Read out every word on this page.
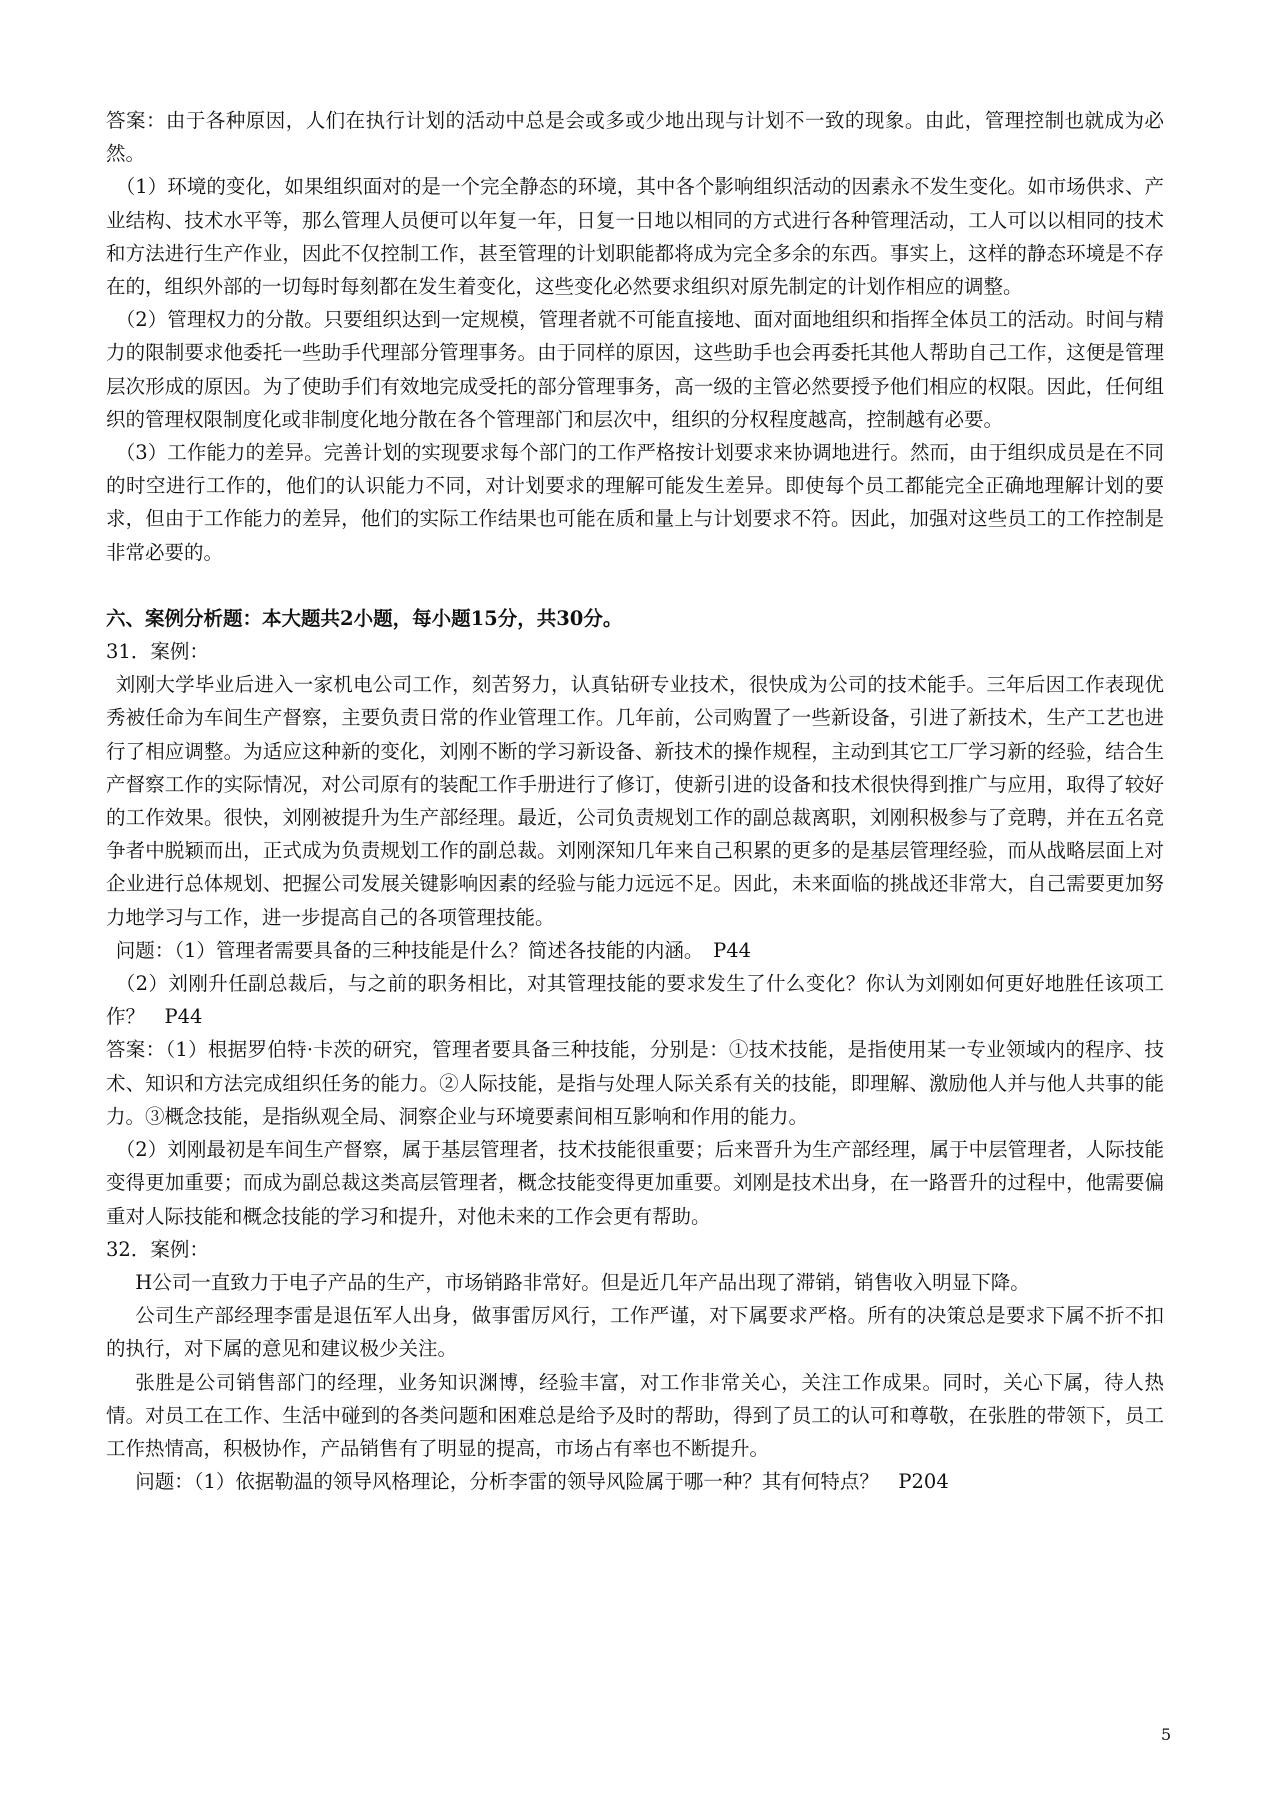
答案：由于各种原因，人们在执行计划的活动中总是会或多或少地出现与计划不一致的现象。由此，管理控制也就成为必然。

（1）环境的变化，如果组织面对的是一个完全静态的环境，其中各个影响组织活动的因素永不发生变化。如市场供求、产业结构、技术水平等，那么管理人员便可以年复一年，日复一日地以相同的方式进行各种管理活动，工人可以以相同的技术和方法进行生产作业，因此不仅控制工作，甚至管理的计划职能都将成为完全多余的东西。事实上，这样的静态环境是不存在的，组织外部的一切每时每刻都在发生着变化，这些变化必然要求组织对原先制定的计划作相应的调整。

（2）管理权力的分散。只要组织达到一定规模，管理者就不可能直接地、面对面地组织和指挥全体员工的活动。时间与精力的限制要求他委托一些助手代理部分管理事务。由于同样的原因，这些助手也会再委托其他人帮助自己工作，这便是管理层次形成的原因。为了使助手们有效地完成受托的部分管理事务，高一级的主管必然要授予他们相应的权限。因此，任何组织的管理权限制度化或非制度化地分散在各个管理部门和层次中，组织的分权程度越高，控制越有必要。

（3）工作能力的差异。完善计划的实现要求每个部门的工作严格按计划要求来协调地进行。然而，由于组织成员是在不同的时空进行工作的，他们的认识能力不同，对计划要求的理解可能发生差异。即使每个员工都能完全正确地理解计划的要求，但由于工作能力的差异，他们的实际工作结果也可能在质和量上与计划要求不符。因此，加强对这些员工的工作控制是非常必要的。

六、案例分析题：本大题共2小题，每小题15分，共30分。

31．案例：

刘刚大学毕业后进入一家机电公司工作，刻苦努力，认真钻研专业技术，很快成为公司的技术能手。三年后因工作表现优秀被任命为车间生产督察，主要负责日常的作业管理工作。几年前，公司购置了一些新设备，引进了新技术，生产工艺也进行了相应调整。为适应这种新的变化，刘刚不断的学习新设备、新技术的操作规程，主动到其它工厂学习新的经验，结合生产督察工作的实际情况，对公司原有的装配工作手册进行了修订，使新引进的设备和技术很快得到推广与应用，取得了较好的工作效果。很快，刘刚被提升为生产部经理。最近，公司负责规划工作的副总裁离职，刘刚积极参与了竞聘，并在五名竞争者中脱颖而出，正式成为负责规划工作的副总裁。刘刚深知几年来自己积累的更多的是基层管理经验，而从战略层面上对企业进行总体规划、把握公司发展关键影响因素的经验与能力远远不足。因此，未来面临的挑战还非常大，自己需要更加努力地学习与工作，进一步提高自己的各项管理技能。

问题：（1）管理者需要具备的三种技能是什么？简述各技能的内涵。　P44

（2）刘刚升任副总裁后，与之前的职务相比，对其管理技能的要求发生了什么变化？你认为刘刚如何更好地胜任该项工作？　P44

答案：（1）根据罗伯特·卡茨的研究，管理者要具备三种技能，分别是：①技术技能，是指使用某一专业领域内的程序、技术、知识和方法完成组织任务的能力。②人际技能，是指与处理人际关系有关的技能，即理解、激励他人并与他人共事的能力。③概念技能，是指纵观全局、洞察企业与环境要素间相互影响和作用的能力。

（2）刘刚最初是车间生产督察，属于基层管理者，技术技能很重要；后来晋升为生产部经理，属于中层管理者，人际技能变得更加重要；而成为副总裁这类高层管理者，概念技能变得更加重要。刘刚是技术出身，在一路晋升的过程中，他需要偏重对人际技能和概念技能的学习和提升，对他未来的工作会更有帮助。

32．案例：

H公司一直致力于电子产品的生产，市场销路非常好。但是近几年产品出现了滞销，销售收入明显下降。

公司生产部经理李雷是退伍军人出身，做事雷厉风行，工作严谨，对下属要求严格。所有的决策总是要求下属不折不扣的执行，对下属的意见和建议极少关注。

张胜是公司销售部门的经理，业务知识渊博，经验丰富，对工作非常关心，关注工作成果。同时，关心下属，待人热情。对员工在工作、生活中碰到的各类问题和困难总是给予及时的帮助，得到了员工的认可和尊敬，在张胜的带领下，员工工作热情高，积极协作，产品销售有了明显的提高，市场占有率也不断提升。

问题：（1）依据勒温的领导风格理论，分析李雷的领导风险属于哪一种？其有何特点？　P204

5
